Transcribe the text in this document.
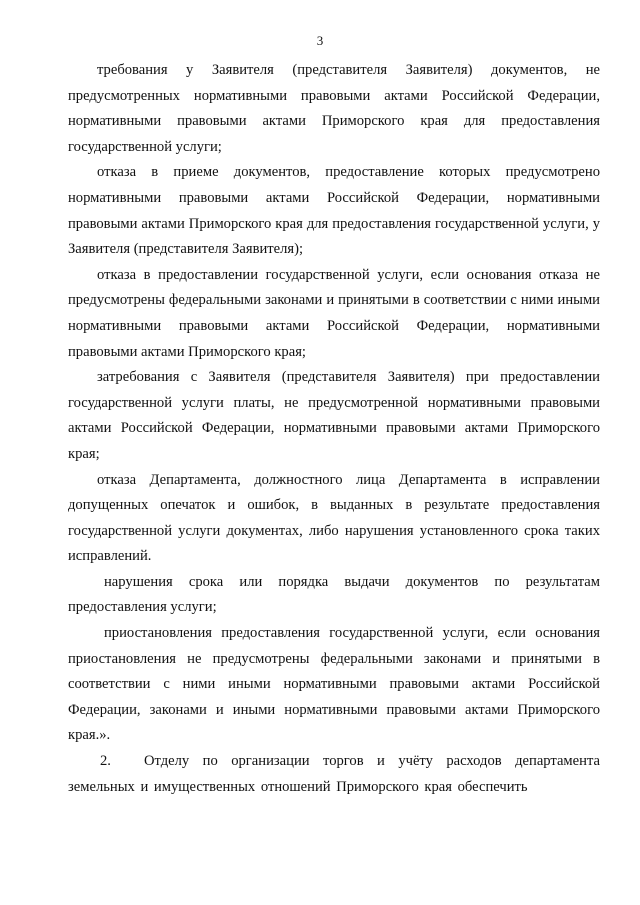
3

требования у Заявителя (представителя Заявителя) документов, не предусмотренных нормативными правовыми актами Российской Федерации, нормативными правовыми актами Приморского края для предоставления государственной услуги;

отказа в приеме документов, предоставление которых предусмотрено нормативными правовыми актами Российской Федерации, нормативными правовыми актами Приморского края для предоставления государственной услуги, у Заявителя (представителя Заявителя);

отказа в предоставлении государственной услуги, если основания отказа не предусмотрены федеральными законами и принятыми в соответствии с ними иными нормативными правовыми актами Российской Федерации, нормативными правовыми актами Приморского края;

затребования с Заявителя (представителя Заявителя) при предоставлении государственной услуги платы, не предусмотренной нормативными правовыми актами Российской Федерации, нормативными правовыми актами Приморского края;

отказа Департамента, должностного лица Департамента в исправлении допущенных опечаток и ошибок, в выданных в результате предоставления государственной услуги документах, либо нарушения установленного срока таких исправлений.

нарушения срока или порядка выдачи документов по результатам предоставления услуги;

приостановления предоставления государственной услуги, если основания приостановления не предусмотрены федеральными законами и принятыми в соответствии с ними иными нормативными правовыми актами Российской Федерации, законами и иными нормативными правовыми актами Приморского края.».

2. Отделу по организации торгов и учёту расходов департамента земельных и имущественных отношений Приморского края обеспечить
